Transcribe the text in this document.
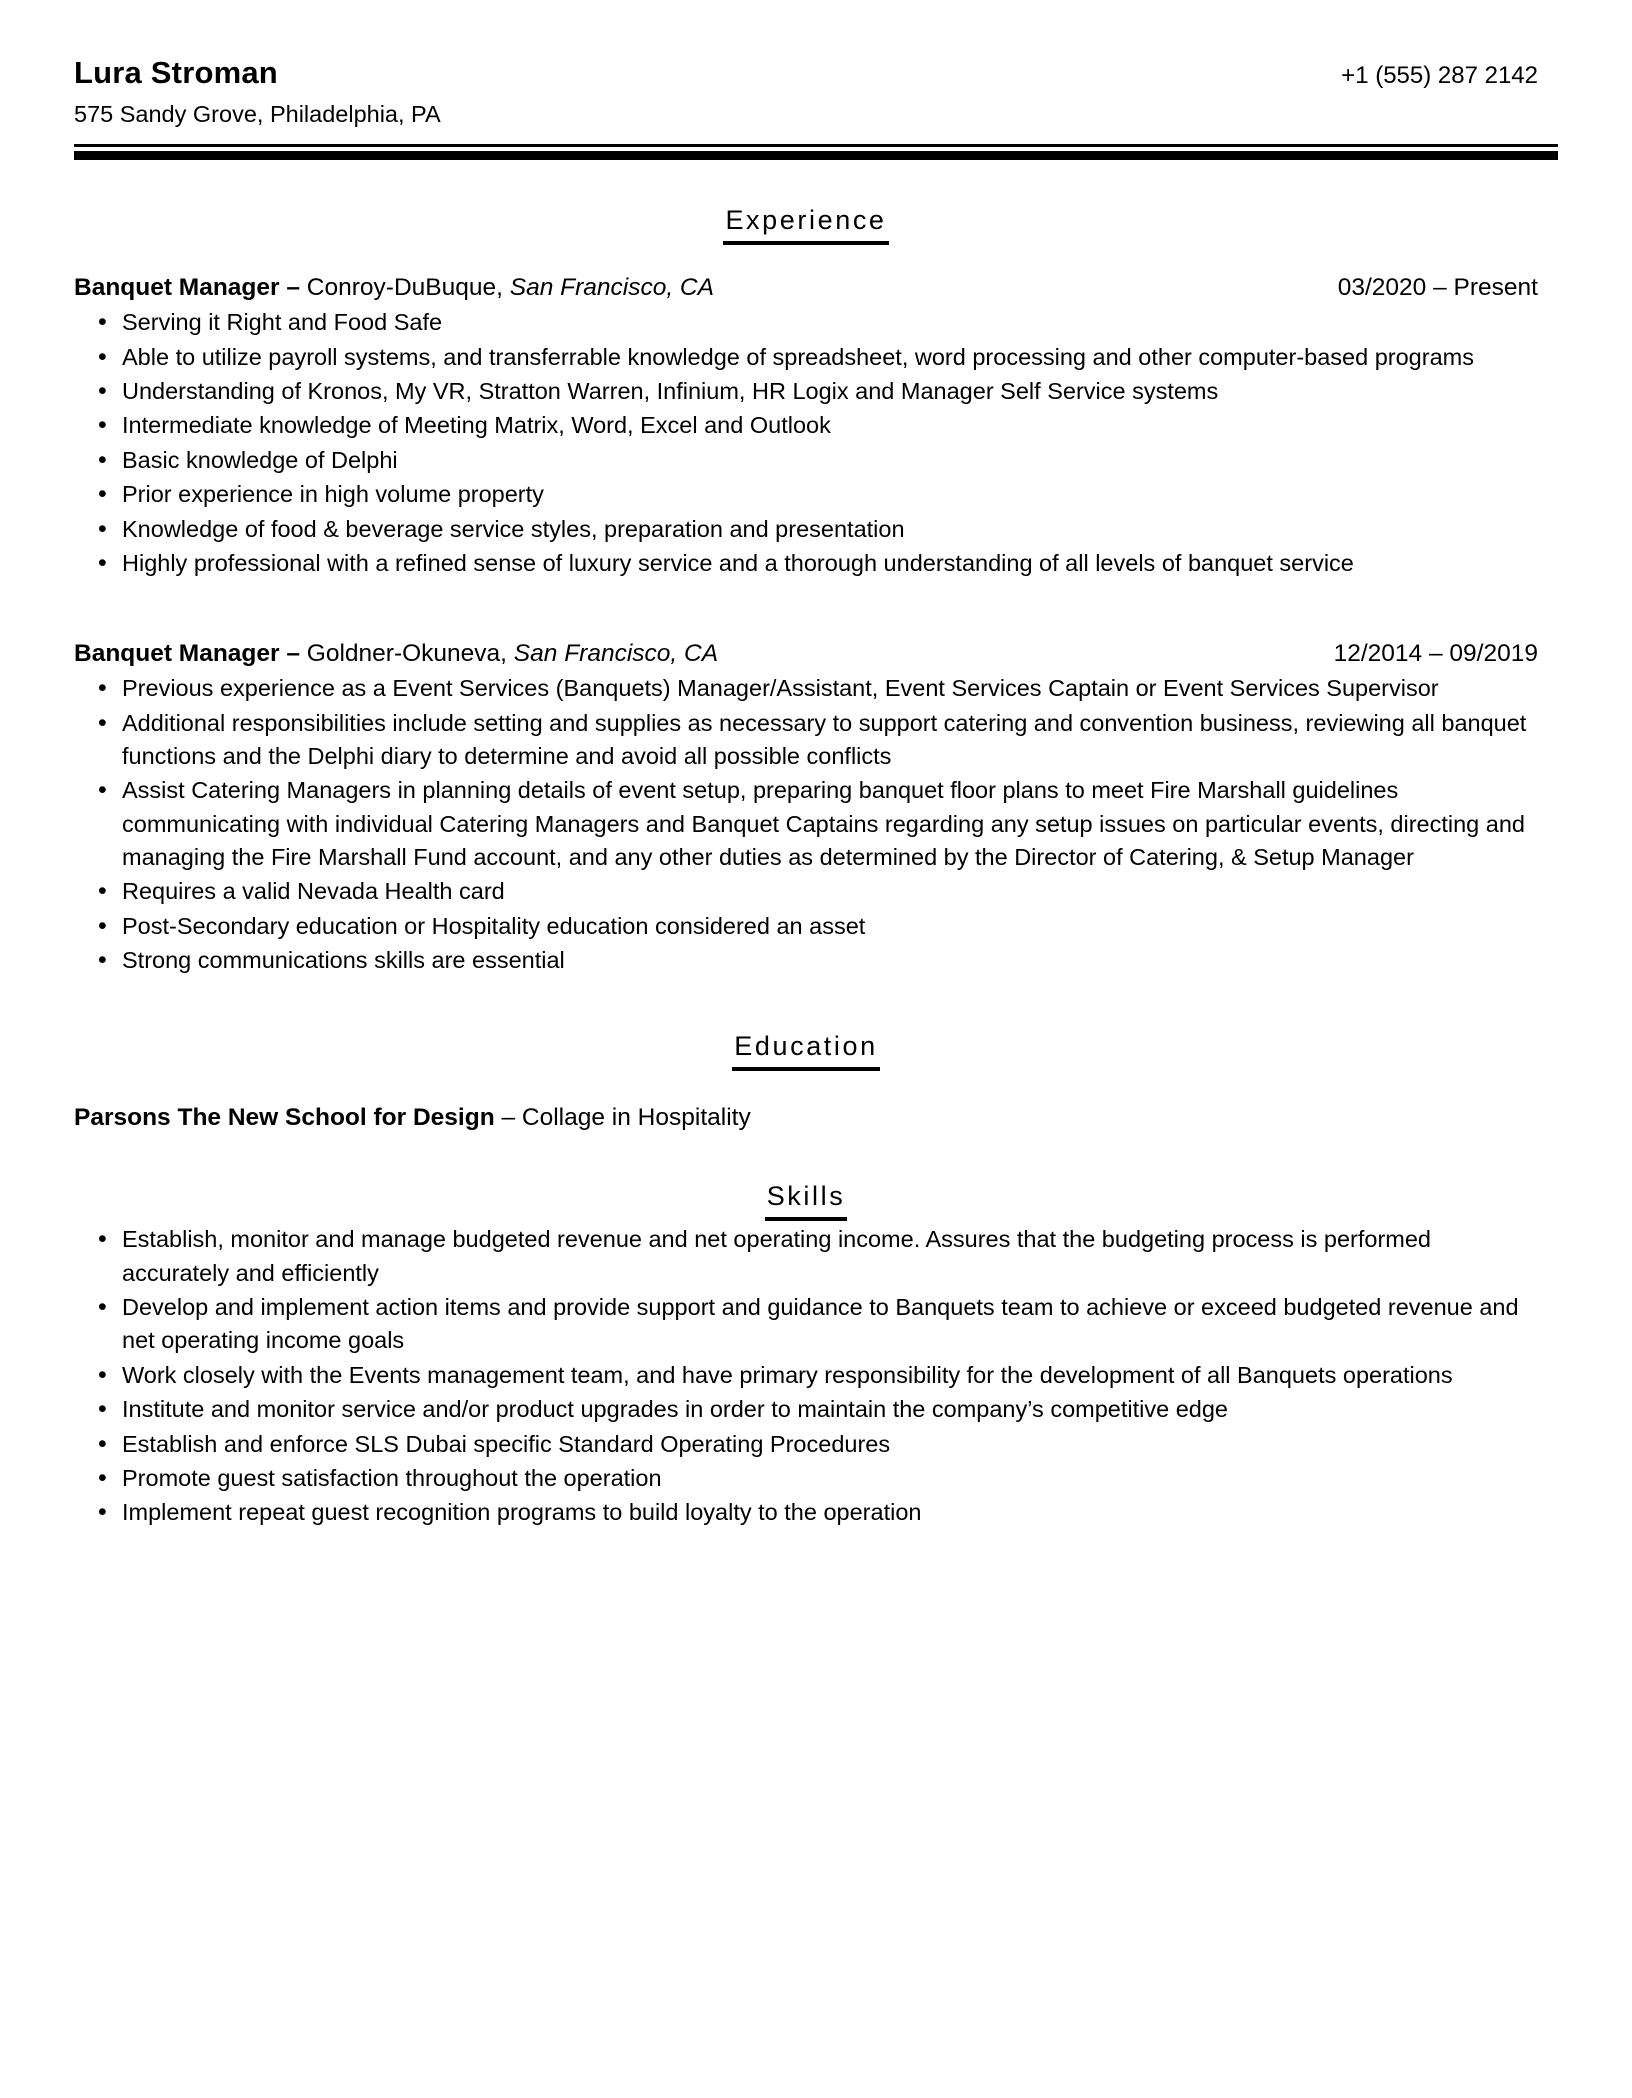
Lura Stroman	+1 (555) 287 2142
575 Sandy Grove, Philadelphia, PA
Experience
Banquet Manager – Conroy-DuBuque, San Francisco, CA	03/2020 – Present
• Serving it Right and Food Safe
• Able to utilize payroll systems, and transferrable knowledge of spreadsheet, word processing and other computer-based programs
• Understanding of Kronos, My VR, Stratton Warren, Infinium, HR Logix and Manager Self Service systems
• Intermediate knowledge of Meeting Matrix, Word, Excel and Outlook
• Basic knowledge of Delphi
• Prior experience in high volume property
• Knowledge of food & beverage service styles, preparation and presentation
• Highly professional with a refined sense of luxury service and a thorough understanding of all levels of banquet service
Banquet Manager – Goldner-Okuneva, San Francisco, CA	12/2014 – 09/2019
• Previous experience as a Event Services (Banquets) Manager/Assistant, Event Services Captain or Event Services Supervisor
• Additional responsibilities include setting and supplies as necessary to support catering and convention business, reviewing all banquet functions and the Delphi diary to determine and avoid all possible conflicts
• Assist Catering Managers in planning details of event setup, preparing banquet floor plans to meet Fire Marshall guidelines communicating with individual Catering Managers and Banquet Captains regarding any setup issues on particular events, directing and managing the Fire Marshall Fund account, and any other duties as determined by the Director of Catering, & Setup Manager
• Requires a valid Nevada Health card
• Post-Secondary education or Hospitality education considered an asset
• Strong communications skills are essential
Education
Parsons The New School for Design – Collage in Hospitality
Skills
• Establish, monitor and manage budgeted revenue and net operating income. Assures that the budgeting process is performed accurately and efficiently
• Develop and implement action items and provide support and guidance to Banquets team to achieve or exceed budgeted revenue and net operating income goals
• Work closely with the Events management team, and have primary responsibility for the development of all Banquets operations
• Institute and monitor service and/or product upgrades in order to maintain the company’s competitive edge
• Establish and enforce SLS Dubai specific Standard Operating Procedures
• Promote guest satisfaction throughout the operation
• Implement repeat guest recognition programs to build loyalty to the operation
